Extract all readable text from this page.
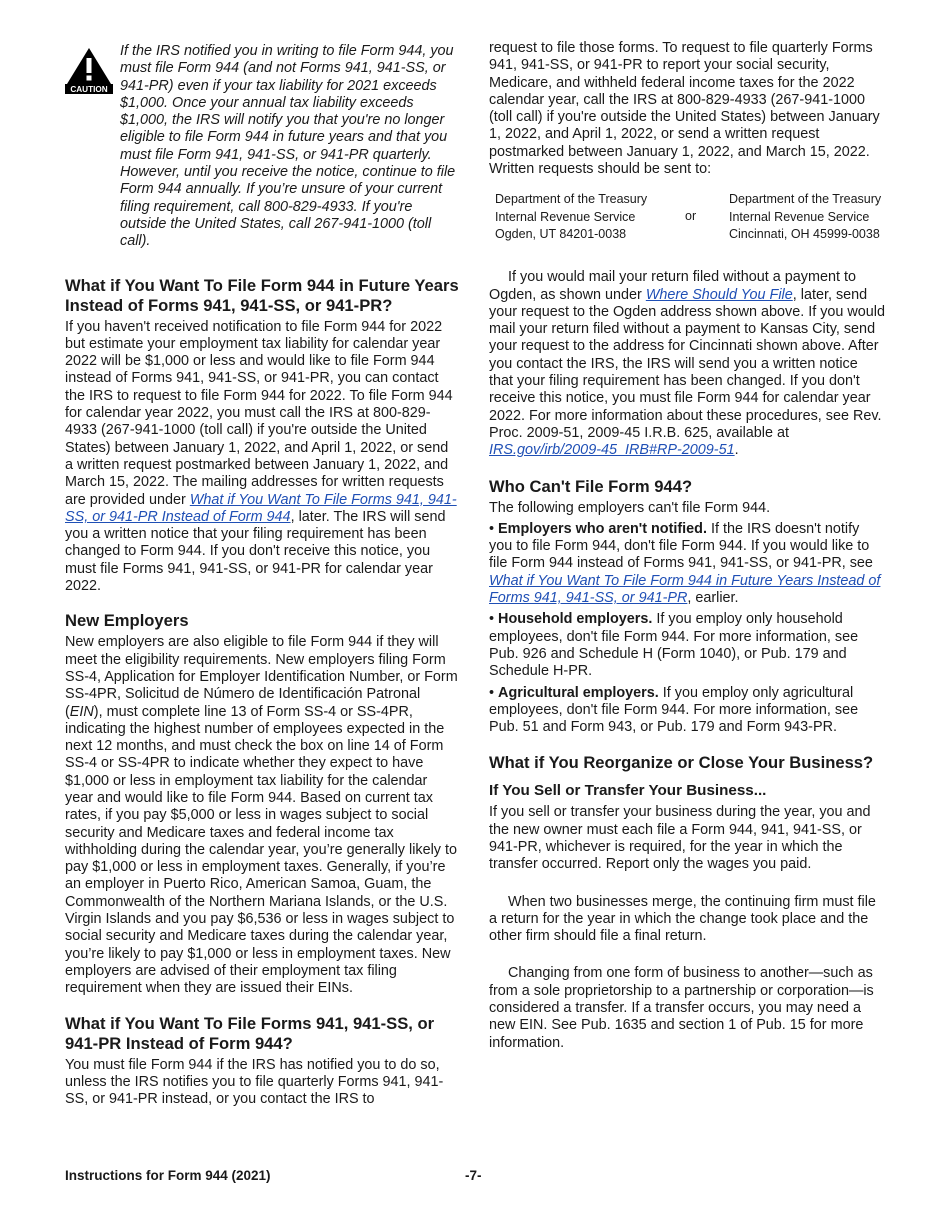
CAUTION

If the IRS notified you in writing to file Form 944, you must file Form 944 (and not Forms 941, 941-SS, or 941-PR) even if your tax liability for 2021 exceeds $1,000. Once your annual tax liability exceeds $1,000, the IRS will notify you that you're no longer eligible to file Form 944 in future years and that you must file Form 941, 941-SS, or 941-PR quarterly. However, until you receive the notice, continue to file Form 944 annually. If you’re unsure of your current filing requirement, call 800-829-4933. If you're outside the United States, call 267-941-1000 (toll call).

What if You Want To File Form 944 in Future Years Instead of Forms 941, 941-SS, or 941-PR?

If you haven't received notification to file Form 944 for 2022 but estimate your employment tax liability for calendar year 2022 will be $1,000 or less and would like to file Form 944 instead of Forms 941, 941-SS, or 941-PR, you can contact the IRS to request to file Form 944 for 2022. To file Form 944 for calendar year 2022, you must call the IRS at 800-829-4933 (267-941-1000 (toll call) if you're outside the United States) between January 1, 2022, and April 1, 2022, or send a written request postmarked between January 1, 2022, and March 15, 2022. The mailing addresses for written requests are provided under What if You Want To File Forms 941, 941-SS, or 941-PR Instead of Form 944, later. The IRS will send you a written notice that your filing requirement has been changed to Form 944. If you don't receive this notice, you must file Forms 941, 941-SS, or 941-PR for calendar year 2022.

New Employers

New employers are also eligible to file Form 944 if they will meet the eligibility requirements. New employers filing Form SS-4, Application for Employer Identification Number, or Form SS-4PR, Solicitud de Número de Identificación Patronal (EIN), must complete line 13 of Form SS-4 or SS-4PR, indicating the highest number of employees expected in the next 12 months, and must check the box on line 14 of Form SS-4 or SS-4PR to indicate whether they expect to have $1,000 or less in employment tax liability for the calendar year and would like to file Form 944. Based on current tax rates, if you pay $5,000 or less in wages subject to social security and Medicare taxes and federal income tax withholding during the calendar year, you’re generally likely to pay $1,000 or less in employment taxes. Generally, if you’re an employer in Puerto Rico, American Samoa, Guam, the Commonwealth of the Northern Mariana Islands, or the U.S. Virgin Islands and you pay $6,536 or less in wages subject to social security and Medicare taxes during the calendar year, you’re likely to pay $1,000 or less in employment taxes. New employers are advised of their employment tax filing requirement when they are issued their EINs.

What if You Want To File Forms 941, 941-SS, or 941-PR Instead of Form 944?

You must file Form 944 if the IRS has notified you to do so, unless the IRS notifies you to file quarterly Forms 941, 941-SS, or 941-PR instead, or you contact the IRS to

request to file those forms. To request to file quarterly Forms 941, 941-SS, or 941-PR to report your social security, Medicare, and withheld federal income taxes for the 2022 calendar year, call the IRS at 800-829-4933 (267-941-1000 (toll call) if you're outside the United States) between January 1, 2022, and April 1, 2022, or send a written request postmarked between January 1, 2022, and March 15, 2022. Written requests should be sent to:

Department of the Treasury
Internal Revenue Service
Ogden, UT 84201-0038
or
Department of the Treasury
Internal Revenue Service
Cincinnati, OH 45999-0038

If you would mail your return filed without a payment to Ogden, as shown under Where Should You File, later, send your request to the Ogden address shown above. If you would mail your return filed without a payment to Kansas City, send your request to the address for Cincinnati shown above. After you contact the IRS, the IRS will send you a written notice that your filing requirement has been changed. If you don't receive this notice, you must file Form 944 for calendar year 2022. For more information about these procedures, see Rev. Proc. 2009-51, 2009-45 I.R.B. 625, available at IRS.gov/irb/2009-45_IRB#RP-2009-51.

Who Can't File Form 944?

The following employers can't file Form 944.

• Employers who aren't notified. If the IRS doesn't notify you to file Form 944, don't file Form 944. If you would like to file Form 944 instead of Forms 941, 941-SS, or 941-PR, see What if You Want To File Form 944 in Future Years Instead of Forms 941, 941-SS, or 941-PR, earlier.

• Household employers. If you employ only household employees, don't file Form 944. For more information, see Pub. 926 and Schedule H (Form 1040), or Pub. 179 and Schedule H-PR.

• Agricultural employers. If you employ only agricultural employees, don't file Form 944. For more information, see Pub. 51 and Form 943, or Pub. 179 and Form 943-PR.

What if You Reorganize or Close Your Business?
If You Sell or Transfer Your Business...

If you sell or transfer your business during the year, you and the new owner must each file a Form 944, 941, 941-SS, or 941-PR, whichever is required, for the year in which the transfer occurred. Report only the wages you paid.

When two businesses merge, the continuing firm must file a return for the year in which the change took place and the other firm should file a final return.

Changing from one form of business to another—such as from a sole proprietorship to a partnership or corporation—is considered a transfer. If a transfer occurs, you may need a new EIN. See Pub. 1635 and section 1 of Pub. 15 for more information.

Instructions for Form 944 (2021)	-7-
